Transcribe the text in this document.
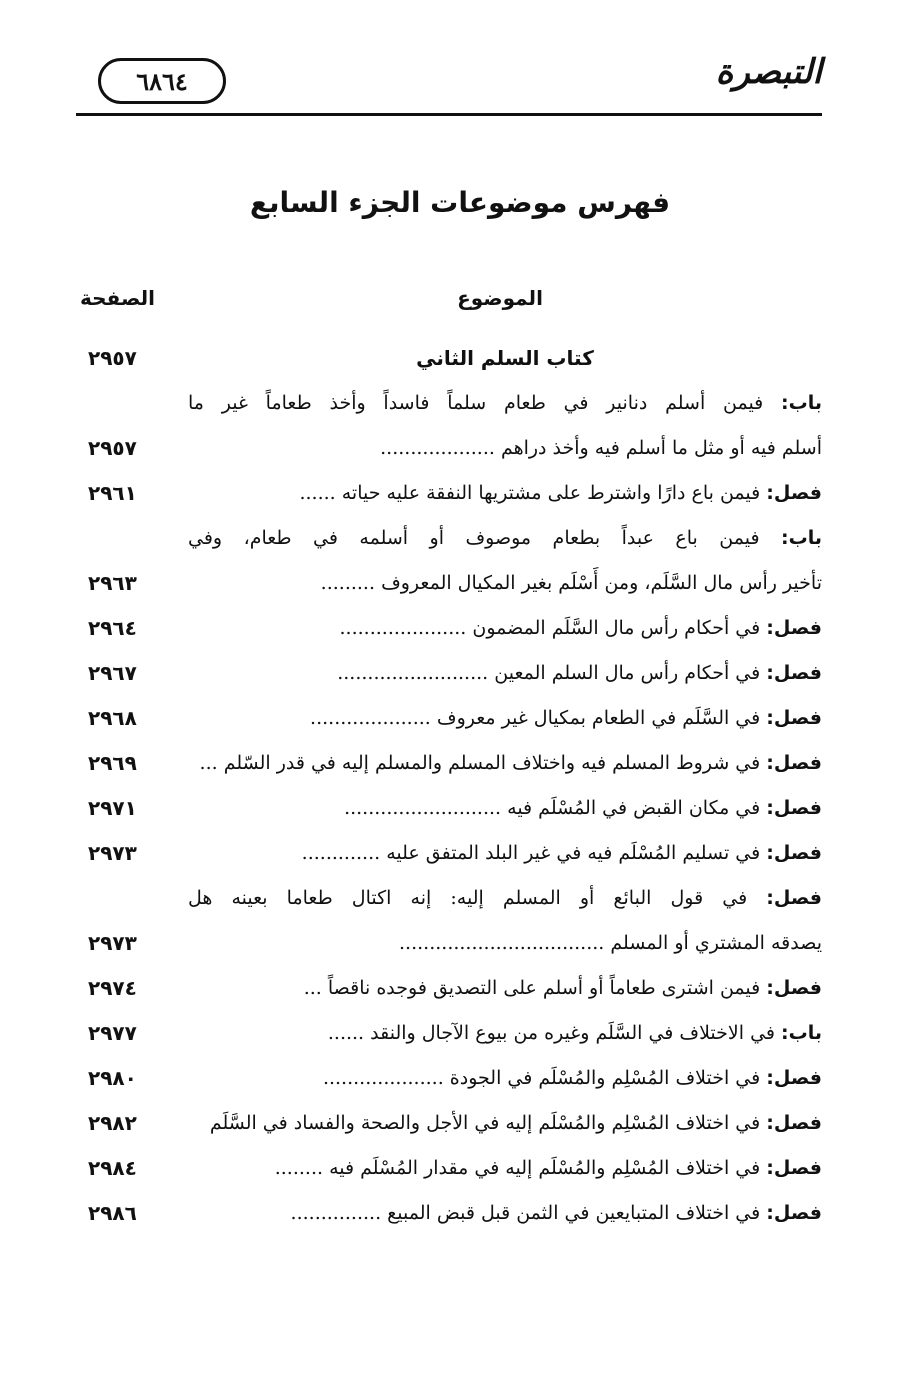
٦٨٦٤	التبصرة
فهرس موضوعات الجزء السابع
الموضوع
الصفحة
كتاب السلم الثاني
٢٩٥٧
باب: فيمن أسلم دنانير في طعام سلماً فاسداً وأخذ طعاماً غير ما
أسلم فيه أو مثل ما أسلم فيه وأخذ دراهم ...................
٢٩٥٧
فصل: فيمن باع دارًا واشترط على مشتريها النفقة عليه حياته ......
٢٩٦١
باب: فيمن باع عبداً بطعام موصوف أو أسلمه في طعام، وفي
تأخير رأس مال السَّلَم، ومن أَسْلَم بغير المكيال المعروف .........
٢٩٦٣
فصل: في أحكام رأس مال السَّلَم المضمون .....................
٢٩٦٤
فصل: في أحكام رأس مال السلم المعين .........................
٢٩٦٧
فصل: في السَّلَم في الطعام بمكيال غير معروف ....................
٢٩٦٨
فصل: في شروط المسلم فيه واختلاف المسلم والمسلم إليه في قدر السّلم ...
٢٩٦٩
فصل: في مكان القبض في المُسْلَم فيه ..........................
٢٩٧١
فصل: في تسليم المُسْلَم فيه في غير البلد المتفق عليه .............
٢٩٧٣
فصل: في قول البائع أو المسلم إليه: إنه اكتال طعاما بعينه هل
يصدقه المشتري أو المسلم ..................................
٢٩٧٣
فصل: فيمن اشترى طعاماً أو أسلم على التصديق فوجده ناقصاً ...
٢٩٧٤
باب: في الاختلاف في السَّلَم وغيره من بيوع الآجال والنقد ......
٢٩٧٧
فصل: في اختلاف المُسْلِم والمُسْلَم في الجودة ....................
٢٩٨٠
فصل: في اختلاف المُسْلِم والمُسْلَم إليه في الأجل والصحة والفساد في السَّلَم
٢٩٨٢
فصل: في اختلاف المُسْلِم والمُسْلَم إليه في مقدار المُسْلَم فيه ........
٢٩٨٤
فصل: في اختلاف المتبايعين في الثمن قبل قبض المبيع ...............
٢٩٨٦
